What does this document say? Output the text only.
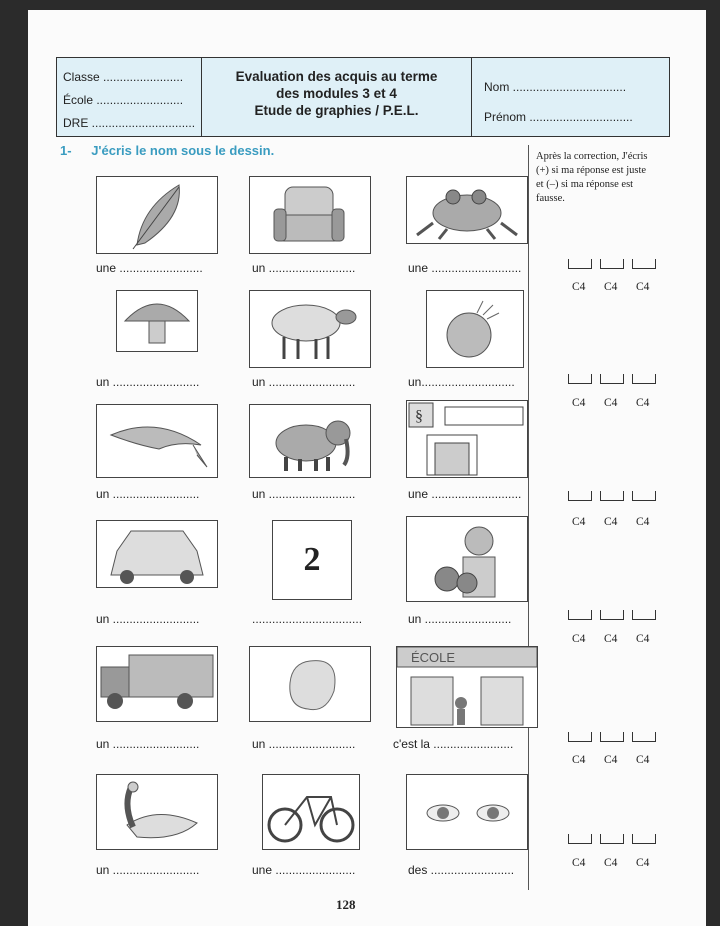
Classe ........................
École ..........................
DRE ...............................
Evaluation des acquis au terme
des modules 3 et 4
Etude de graphies / P.E.L.
Nom ..................................
Prénom ...............................
1- J'écris le nom sous le dessin.	Après la correction, J'écris (+) si ma réponse est juste et (–) si ma réponse est fausse.
§
2
ÉCOLE
une .........................	un ..........................	une ...........................
un ..........................	un ..........................	un............................
un ..........................	un ..........................	une ...........................
un ..........................	.................................	un ..........................
un ..........................	un ..........................	c'est la ........................
un ..........................	une ........................	des .........................
C4 C4 C4
C4 C4 C4
C4 C4 C4
C4 C4 C4
C4 C4 C4
C4 C4 C4
128
